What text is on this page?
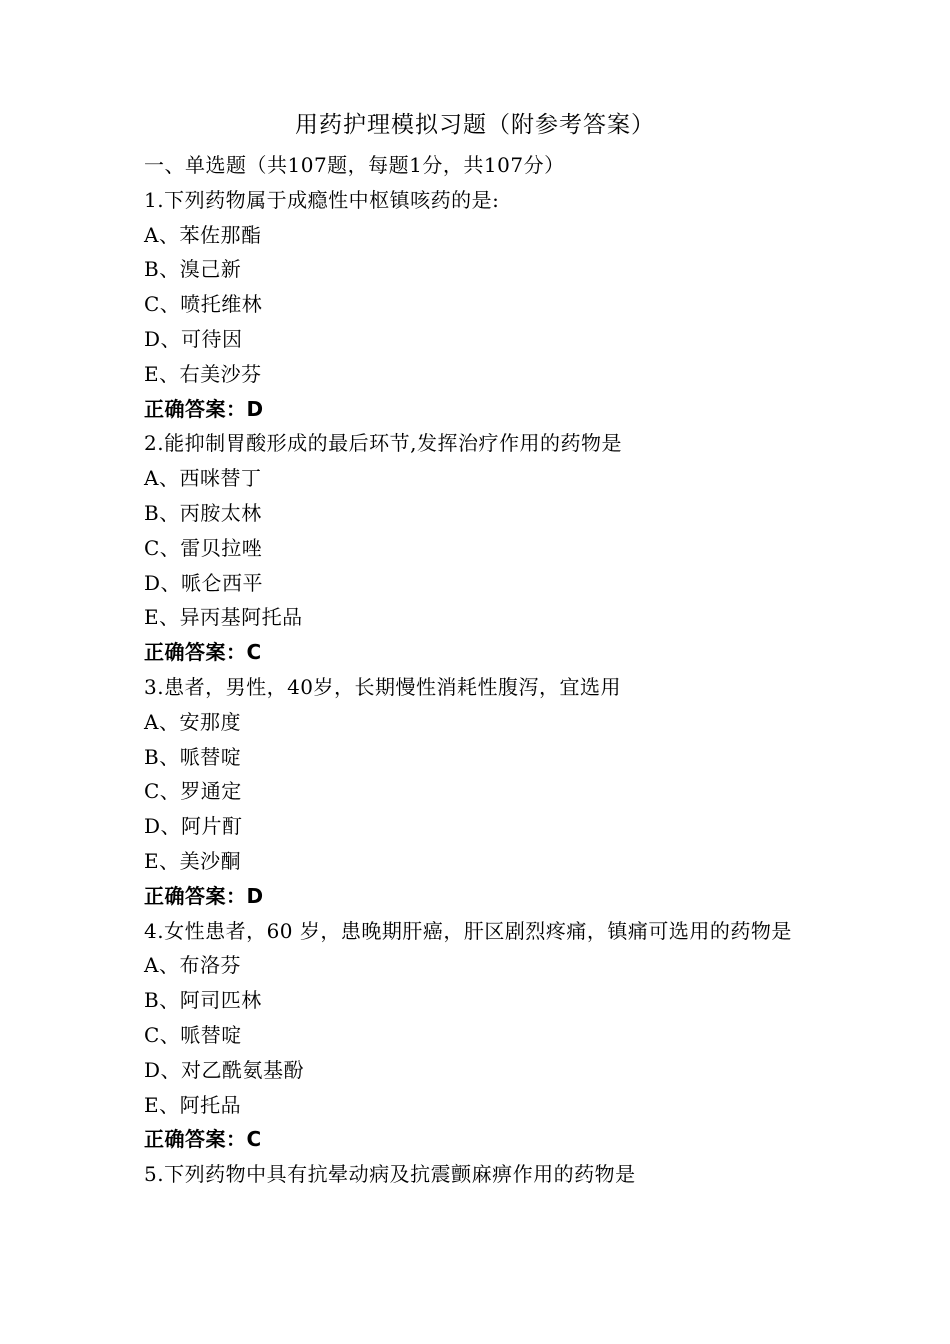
用药护理模拟习题（附参考答案）
一、单选题（共107题，每题1分，共107分）
1.下列药物属于成瘾性中枢镇咳药的是:
A、苯佐那酯
B、溴己新
C、喷托维林
D、可待因
E、右美沙芬
正确答案：D
2.能抑制胃酸形成的最后环节,发挥治疗作用的药物是
A、西咪替丁
B、丙胺太林
C、雷贝拉唑
D、哌仑西平
E、异丙基阿托品
正确答案：C
3.患者，男性，40岁，长期慢性消耗性腹泻，宜选用
A、安那度
B、哌替啶
C、罗通定
D、阿片酊
E、美沙酮
正确答案：D
4.女性患者，60 岁，患晚期肝癌，肝区剧烈疼痛，镇痛可选用的药物是
A、布洛芬
B、阿司匹林
C、哌替啶
D、对乙酰氨基酚
E、阿托品
正确答案：C
5.下列药物中具有抗晕动病及抗震颤麻痹作用的药物是
